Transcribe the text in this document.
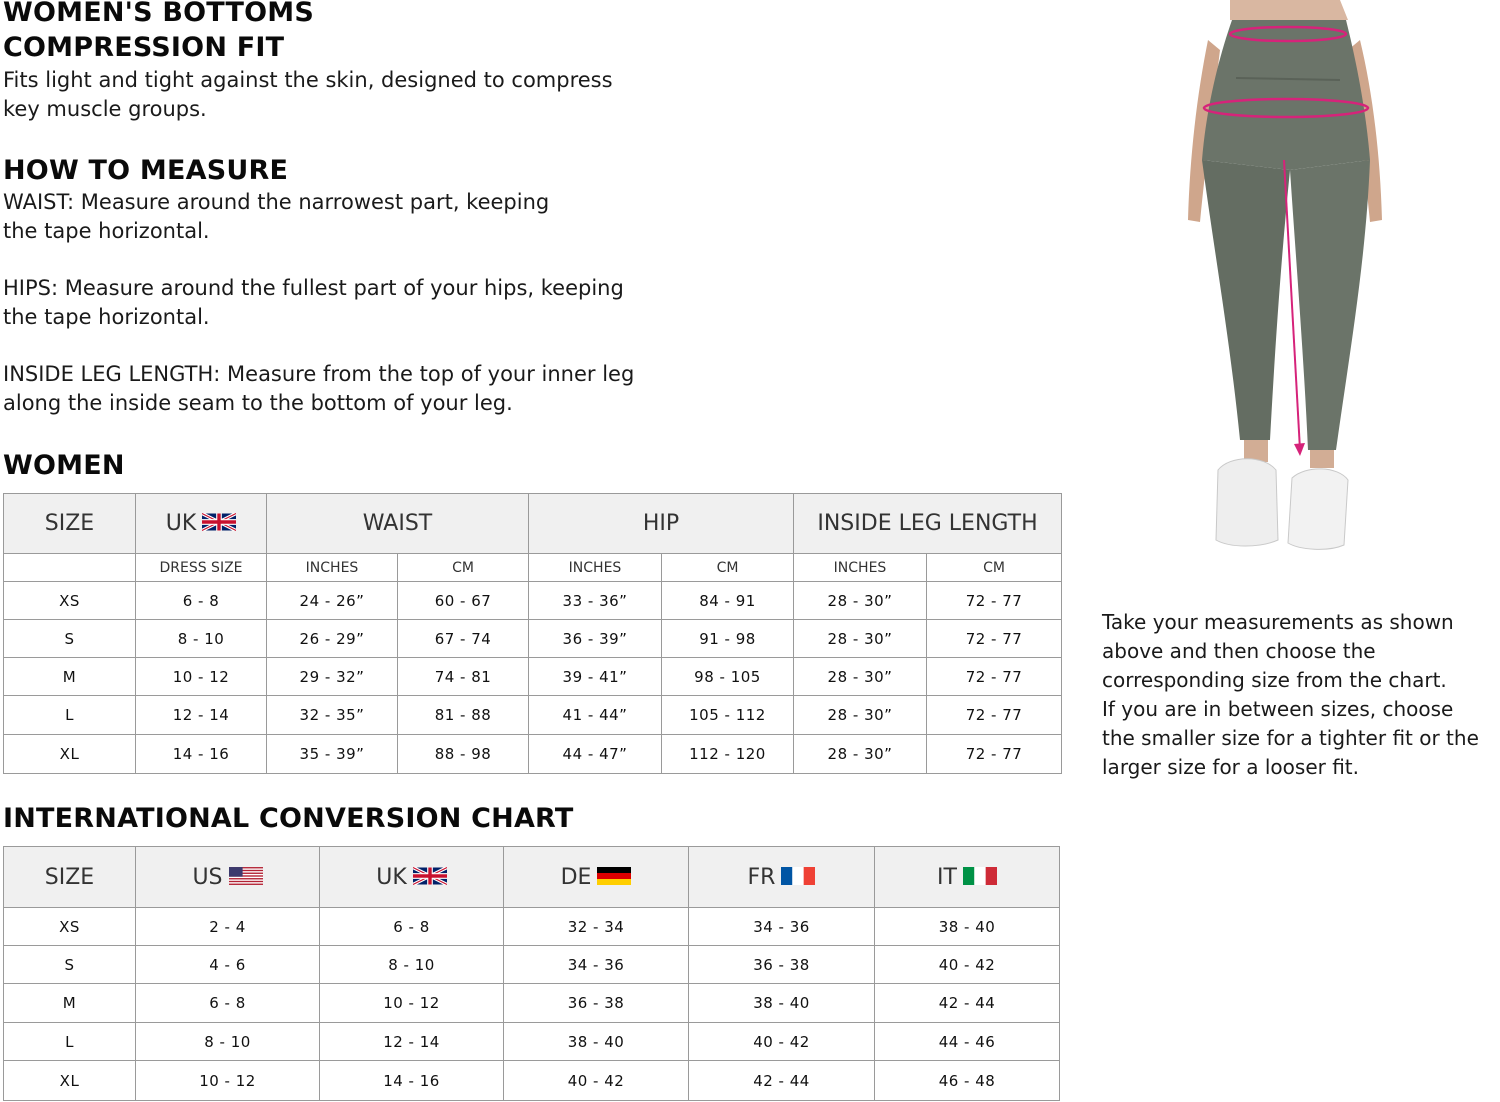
WOMEN'S BOTTOMS
COMPRESSION FIT
Fits light and tight against the skin, designed to compress
key muscle groups.
HOW TO MEASURE
WAIST: Measure around the narrowest part, keeping
the tape horizontal.
HIPS: Measure around the fullest part of your hips, keeping
the tape horizontal.
INSIDE LEG LENGTH: Measure from the top of your inner leg
along the inside seam to the bottom of your leg.
WOMEN
SIZE	UK	WAIST		HIP		INSIDE LEG LENGTH	
	DRESS SIZE	INCHES	CM	INCHES	CM	INCHES	CM
XS	6 - 8	24 - 26”	60 - 67	33 - 36”	84 - 91	28 - 30”	72 - 77
S	8 - 10	26 - 29”	67 - 74	36 - 39”	91 - 98	28 - 30”	72 - 77
M	10 - 12	29 - 32”	74 - 81	39 - 41”	98 - 105	28 - 30”	72 - 77
L	12 - 14	32 - 35”	81 - 88	41 - 44”	105 - 112	28 - 30”	72 - 77
XL	14 - 16	35 - 39”	88 - 98	44 - 47”	112 - 120	28 - 30”	72 - 77
INTERNATIONAL CONVERSION CHART
SIZE	US	UK	DE	FR	IT

XS	2 - 4	6 - 8	32 - 34	34 - 36	38 - 40
S	4 - 6	8 - 10	34 - 36	36 - 38	40 - 42
M	6 - 8	10 - 12	36 - 38	38 - 40	42 - 44
L	8 - 10	12 - 14	38 - 40	40 - 42	44 - 46
XL	10 - 12	14 - 16	40 - 42	42 - 44	46 - 48
Take your measurements as shown
above and then choose the
corresponding size from the chart.
If you are in between sizes, choose
the smaller size for a tighter fit or the
larger size for a looser fit.
